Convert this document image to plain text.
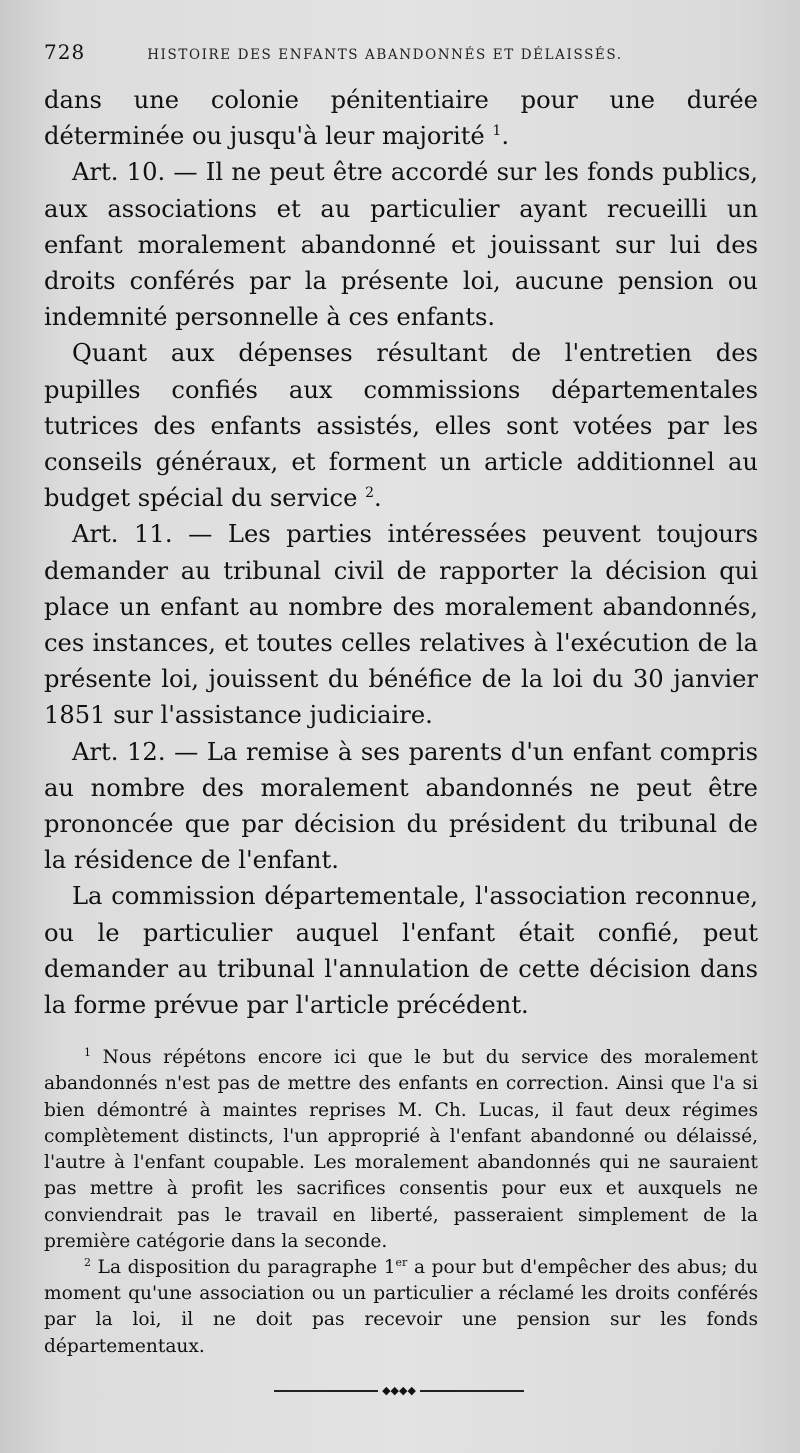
728	HISTOIRE DES ENFANTS ABANDONNÉS ET DÉLAISSÉS.

dans une colonie pénitentiaire pour une durée déterminée ou jusqu'à leur majorité $^1$.

Art. 10. — Il ne peut être accordé sur les fonds publics, aux associations et au particulier ayant recueilli un enfant moralement abandonné et jouissant sur lui des droits conférés par la présente loi, aucune pension ou indemnité personnelle à ces enfants.

Quant aux dépenses résultant de l'entretien des pupilles confiés aux commissions départementales tutrices des enfants assistés, elles sont votées par les conseils généraux, et forment un article additionnel au budget spécial du service $^2$.

Art. 11. — Les parties intéressées peuvent toujours demander au tribunal civil de rapporter la décision qui place un enfant au nombre des moralement abandonnés, ces instances, et toutes celles relatives à l'exécution de la présente loi, jouissent du bénéfice de la loi du 30 janvier 1851 sur l'assistance judiciaire.

Art. 12. — La remise à ses parents d'un enfant compris au nombre des moralement abandonnés ne peut être prononcée que par décision du président du tribunal de la résidence de l'enfant.

La commission départementale, l'association reconnue, ou le particulier auquel l'enfant était confié, peut demander au tribunal l'annulation de cette décision dans la forme prévue par l'article précédent.

$^1$ Nous répétons encore ici que le but du service des moralement abandonnés n'est pas de mettre des enfants en correction. Ainsi que l'a si bien démontré à maintes reprises M. Ch. Lucas, il faut deux régimes complètement distincts, l'un approprié à l'enfant abandonné ou délaissé, l'autre à l'enfant coupable. Les moralement abandonnés qui ne sauraient pas mettre à profit les sacrifices consentis pour eux et auxquels ne conviendrait pas le travail en liberté, passeraient simplement de la première catégorie dans la seconde.

$^2$ La disposition du paragraphe 1er a pour but d'empêcher des abus; du moment qu'une association ou un particulier a réclamé les droits conférés par la loi, il ne doit pas recevoir une pension sur les fonds départementaux.

◆◆◆◆
